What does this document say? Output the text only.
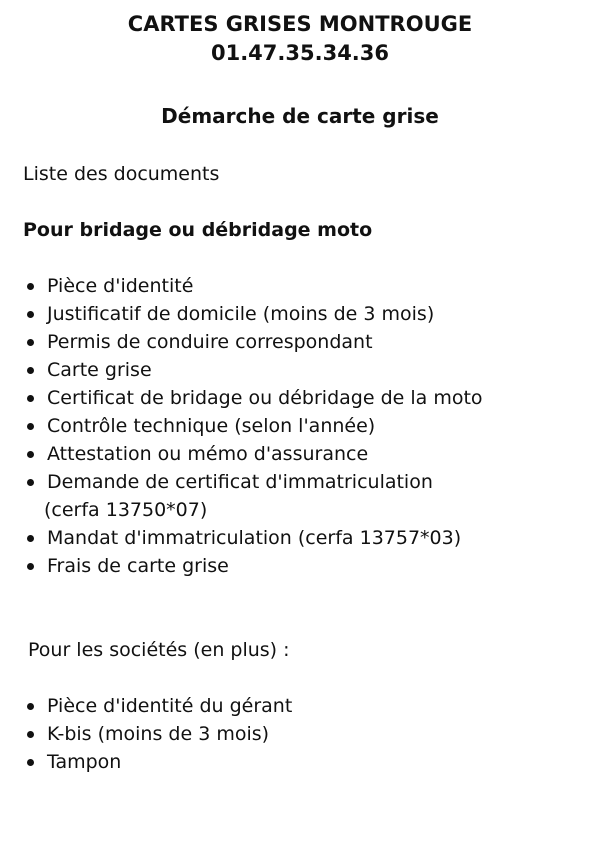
CARTES GRISES MONTROUGE
01.47.35.34.36
Démarche de carte grise
Liste des documents
Pour bridage ou débridage moto
Pièce d'identité
Justificatif de domicile (moins de 3 mois)
Permis de conduire correspondant
Carte grise
Certificat de bridage ou débridage de la moto
Contrôle technique (selon l'année)
Attestation ou mémo d'assurance
Demande de certificat d'immatriculation
(cerfa 13750*07)
Mandat d'immatriculation (cerfa 13757*03)
Frais de carte grise
Pour les sociétés (en plus) :
Pièce d'identité du gérant
K-bis (moins de 3 mois)
Tampon
